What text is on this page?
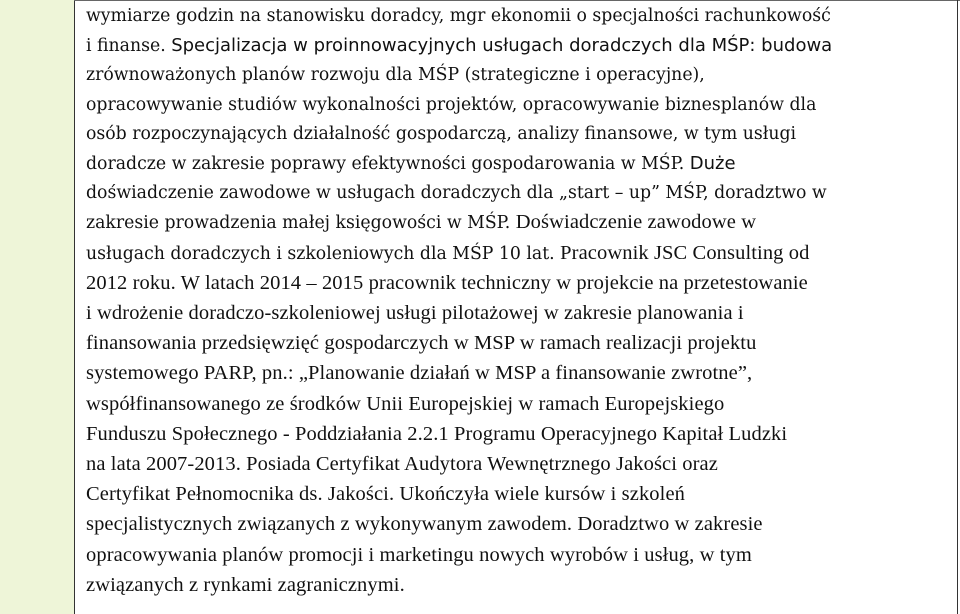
wymiarze godzin na stanowisku doradcy, mgr ekonomii o specjalności rachunkowość
i finanse. Specjalizacja w proinnowacyjnych usługach doradczych dla MŚP: budowa
zrównoważonych planów rozwoju dla MŚP (strategiczne i operacyjne),
opracowywanie studiów wykonalności projektów, opracowywanie biznesplanów dla
osób rozpoczynających działalność gospodarczą, analizy finansowe, w tym usługi
doradcze w zakresie poprawy efektywności gospodarowania w MŚP. Duże
doświadczenie zawodowe w usługach doradczych dla „start – up” MŚP, doradztwo w
zakresie prowadzenia małej księgowości w MŚP. Doświadczenie zawodowe w
usługach doradczych i szkoleniowych dla MŚP 10 lat. Pracownik JSC Consulting od
2012 roku. W latach 2014 – 2015 pracownik techniczny w projekcie na przetestowanie
i wdrożenie doradczo-szkoleniowej usługi pilotażowej w zakresie planowania i
finansowania przedsięwzięć gospodarczych w MSP w ramach realizacji projektu
systemowego PARP, pn.: „Planowanie działań w MSP a finansowanie zwrotne”,
współfinansowanego ze środków Unii Europejskiej w ramach Europejskiego
Funduszu Społecznego - Poddziałania 2.2.1 Programu Operacyjnego Kapitał Ludzki
na lata 2007-2013. Posiada Certyfikat Audytora Wewnętrznego Jakości oraz
Certyfikat Pełnomocnika ds. Jakości. Ukończyła wiele kursów i szkoleń
specjalistycznych związanych z wykonywanym zawodem. Doradztwo w zakresie
opracowywania planów promocji i marketingu nowych wyrobów i usług, w tym
związanych z rynkami zagranicznymi.
